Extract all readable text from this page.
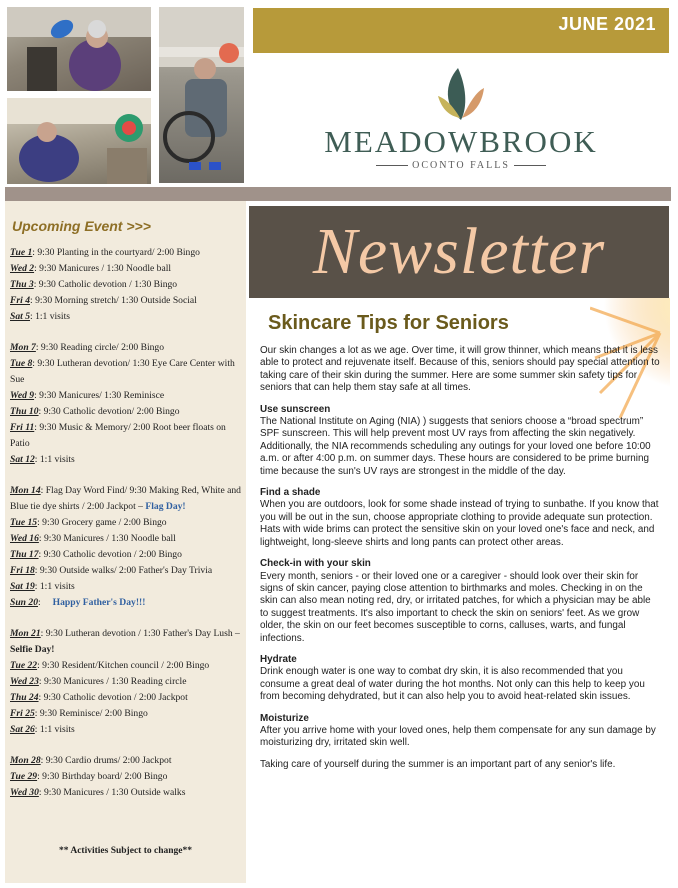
JUNE 2021
MEADOWBROOK
OCONTO FALLS
Upcoming Event >>>

Tue 1: 9:30 Planting in the courtyard/ 2:00 Bingo

Wed 2: 9:30 Manicures / 1:30 Noodle ball

Thu 3: 9:30 Catholic devotion / 1:30 Bingo

Fri 4: 9:30 Morning stretch/ 1:30 Outside Social

Sat 5: 1:1 visits

Mon 7: 9:30 Reading circle/ 2:00 Bingo

Tue 8: 9:30 Lutheran devotion/ 1:30 Eye Care Center with Sue

Wed 9: 9:30 Manicures/ 1:30 Reminisce

Thu 10: 9:30 Catholic devotion/ 2:00 Bingo

Fri 11: 9:30 Music & Memory/ 2:00 Root beer floats on Patio

Sat 12: 1:1 visits

Mon 14: Flag Day Word Find/ 9:30 Making Red, White and Blue tie dye shirts / 2:00 Jackpot – Flag Day!

Tue 15: 9:30 Grocery game / 2:00 Bingo

Wed 16: 9:30 Manicures / 1:30 Noodle ball

Thu 17: 9:30 Catholic devotion / 2:00 Bingo

Fri 18: 9:30 Outside walks/ 2:00 Father's Day Trivia

Sat 19: 1:1 visits

Sun 20:     Happy Father's Day!!!

Mon 21: 9:30 Lutheran devotion / 1:30 Father's Day Lush – Selfie Day!

Tue 22: 9:30 Resident/Kitchen council / 2:00 Bingo

Wed 23: 9:30 Manicures / 1:30 Reading circle

Thu 24: 9:30 Catholic devotion / 2:00 Jackpot

Fri 25: 9:30 Reminisce/ 2:00 Bingo

Sat 26: 1:1 visits

Mon 28: 9:30 Cardio drums/ 2:00 Jackpot

Tue 29: 9:30 Birthday board/ 2:00 Bingo

Wed 30: 9:30 Manicures / 1:30 Outside walks

** Activities Subject to change**
Newsletter
Skincare Tips for Seniors

Our skin changes a lot as we age. Over time, it will grow thinner, which means that it is less able to protect and rejuvenate itself. Because of this, seniors should pay special attention to taking care of their skin during the summer. Here are some summer skin safety tips for seniors that can help them stay safe at all times.

Use sunscreen

The National Institute on Aging (NIA) ) suggests that seniors choose a “broad spectrum” SPF sunscreen. This will help prevent most UV rays from affecting the skin negatively.

Additionally, the NIA recommends scheduling any outings for your loved one before 10:00 a.m. or after 4:00 p.m. on summer days. These hours are considered to be prime burning time because the sun's UV rays are strongest in the middle of the day.

Find a shade

When you are outdoors, look for some shade instead of trying to sunbathe. If you know that you will be out in the sun, choose appropriate clothing to provide adequate sun protection. Hats with wide brims can protect the sensitive skin on your loved one's face and neck, and lightweight, long-sleeve shirts and long pants can protect other areas.

Check-in with your skin

Every month, seniors - or their loved one or a caregiver - should look over their skin for signs of skin cancer, paying close attention to birthmarks and moles. Checking in on the skin can also mean noting red, dry, or irritated patches, for which a physician may be able to suggest treatments. It's also important to check the skin on seniors' feet. As we grow older, the skin on our feet becomes susceptible to corns, calluses, warts, and fungal infections.

Hydrate

Drink enough water is one way to combat dry skin, it is also recommended that you consume a great deal of water during the hot months. Not only can this help to keep you from becoming dehydrated, but it can also help you to avoid heat-related skin issues.

Moisturize

After you arrive home with your loved ones, help them compensate for any sun damage by moisturizing dry, irritated skin well.

Taking care of yourself during the summer is an important part of any senior's life.
